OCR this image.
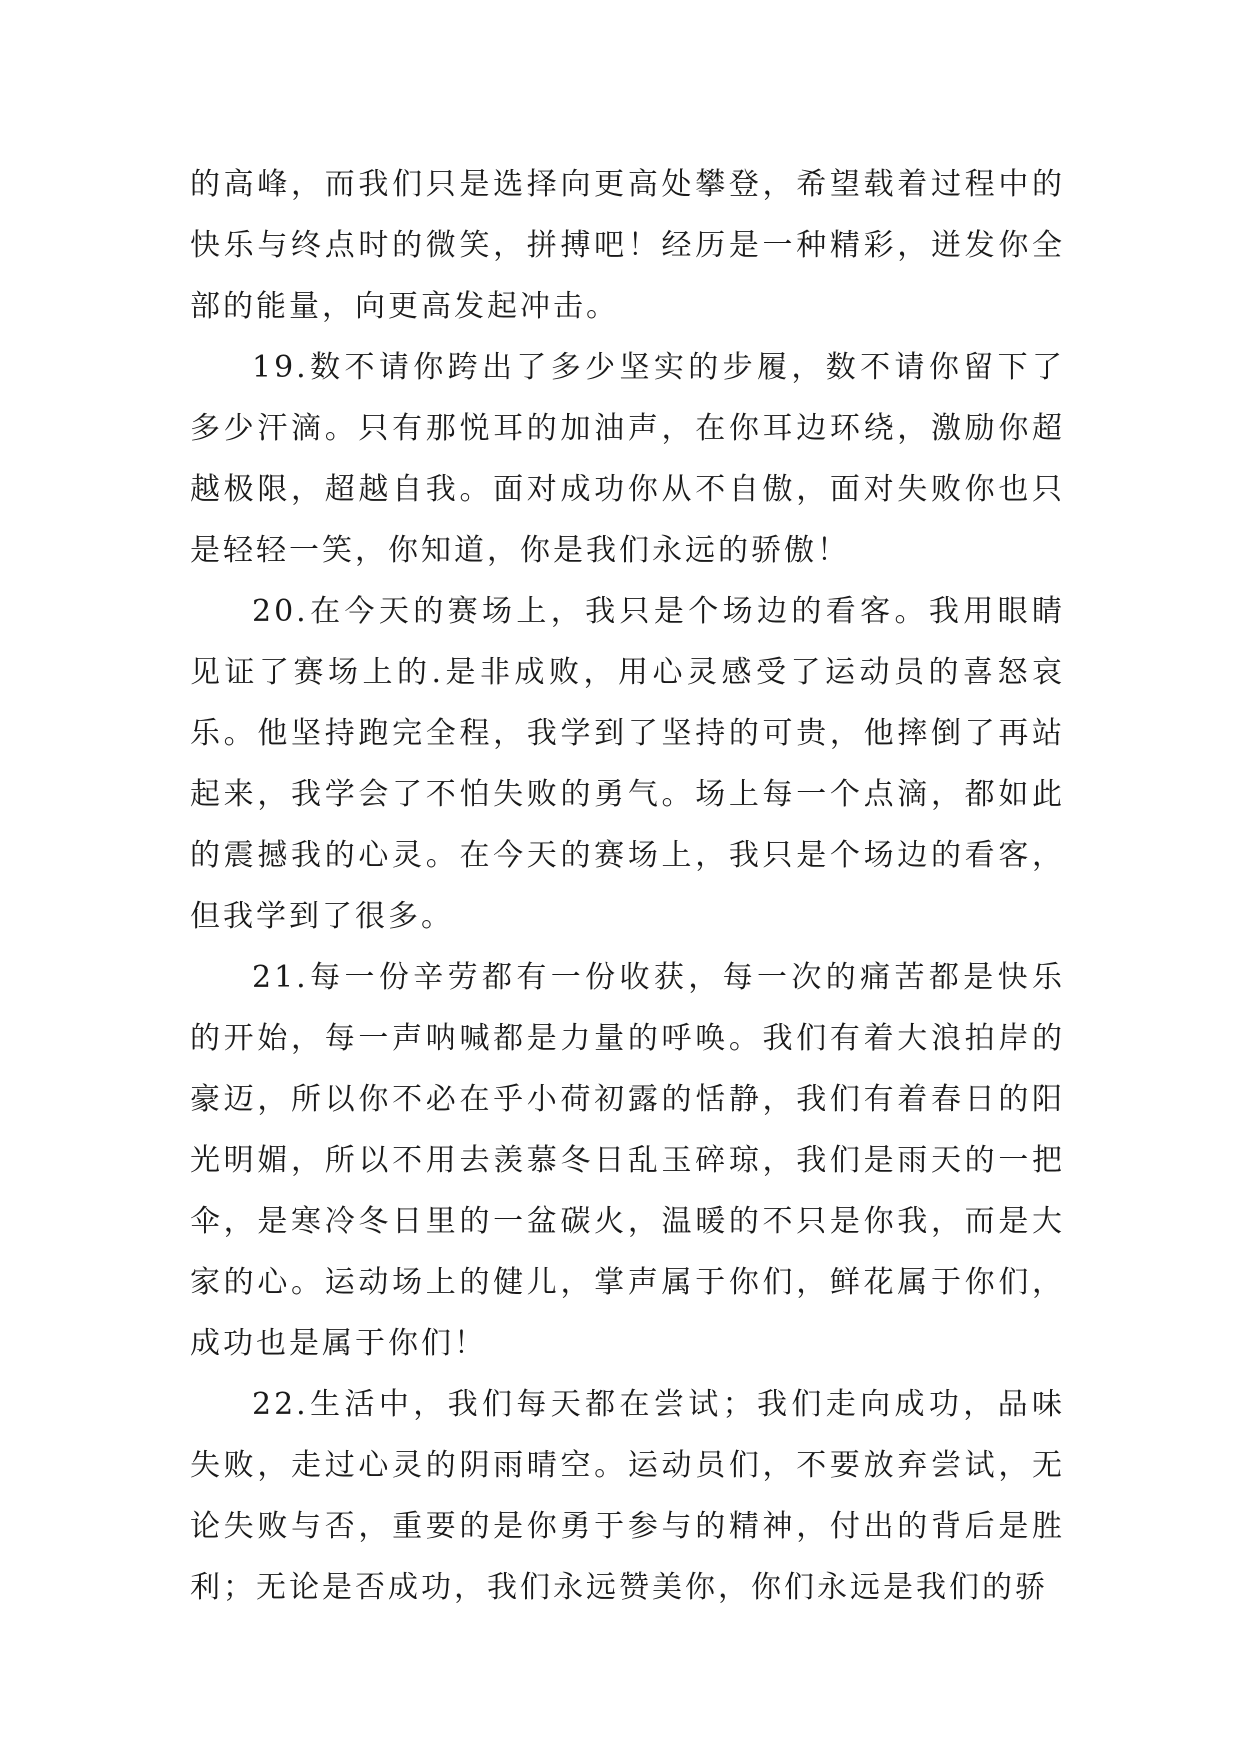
的高峰，而我们只是选择向更高处攀登，希望载着过程中的快乐与终点时的微笑，拼搏吧！经历是一种精彩，迸发你全部的能量，向更高发起冲击。

19.数不请你跨出了多少坚实的步履，数不请你留下了多少汗滴。只有那悦耳的加油声，在你耳边环绕，激励你超越极限，超越自我。面对成功你从不自傲，面对失败你也只是轻轻一笑，你知道，你是我们永远的骄傲！

20.在今天的赛场上，我只是个场边的看客。我用眼睛见证了赛场上的.是非成败，用心灵感受了运动员的喜怒哀乐。他坚持跑完全程，我学到了坚持的可贵，他摔倒了再站起来，我学会了不怕失败的勇气。场上每一个点滴，都如此的震撼我的心灵。在今天的赛场上，我只是个场边的看客，但我学到了很多。

21.每一份辛劳都有一份收获，每一次的痛苦都是快乐的开始，每一声呐喊都是力量的呼唤。我们有着大浪拍岸的豪迈，所以你不必在乎小荷初露的恬静，我们有着春日的阳光明媚，所以不用去羡慕冬日乱玉碎琼，我们是雨天的一把伞，是寒冷冬日里的一盆碳火，温暖的不只是你我，而是大家的心。运动场上的健儿，掌声属于你们，鲜花属于你们，成功也是属于你们！

22.生活中，我们每天都在尝试；我们走向成功，品味失败，走过心灵的阴雨晴空。运动员们，不要放弃尝试，无论失败与否，重要的是你勇于参与的精神，付出的背后是胜利；无论是否成功，我们永远赞美你，你们永远是我们的骄
